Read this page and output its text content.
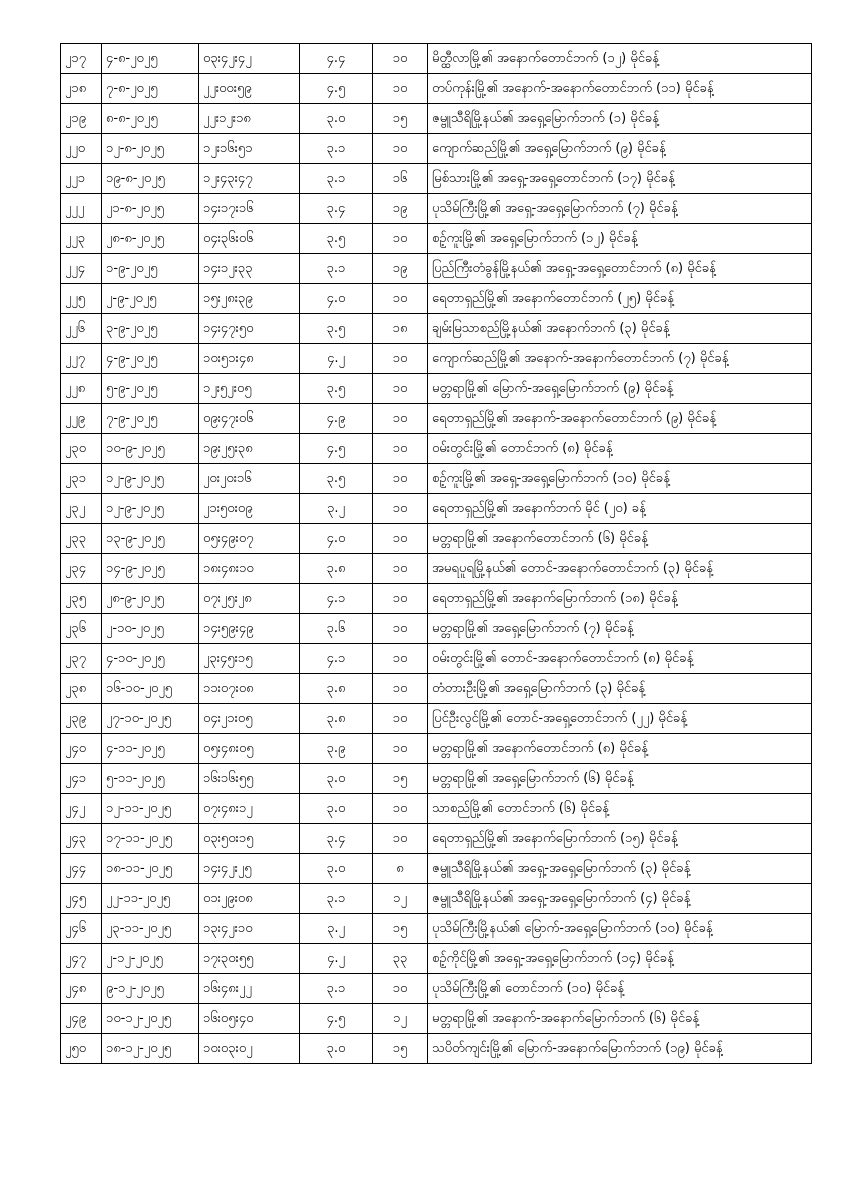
၂၁၇	၄-၈-၂၀၂၅	၀၃း၄၂း၄၂	၄.၄	၁၀	မိတ္ထီလာမြို့၏ အနောက်တောင်ဘက် (၁၂) မိုင်ခန့်
၂၁၈	၇-၈-၂၀၂၅	၂၂း၀၀း၅၉	၄.၅	၁၀	တပ်ကုန်းမြို့၏ အနောက်-အနောက်တောင်ဘက် (၁၁) မိုင်ခန့်
၂၁၉	၈-၈-၂၀၂၅	၂၂း၁၂း၁၈	၃.၀	၁၅	ဇမ္ဗူသီရိမြို့နယ်၏ အရှေ့မြောက်ဘက် (၁) မိုင်ခန့်
၂၂၀	၁၂-၈-၂၀၂၅	၁၂း၁၆း၅၁	၃.၁	၁၀	ကျောက်ဆည်မြို့၏ အရှေ့မြောက်ဘက် (၉) မိုင်ခန့်
၂၂၁	၁၉-၈-၂၀၂၅	၁၂း၄၃း၄၇	၃.၁	၁၆	မြစ်သားမြို့၏ အရှေ့-အရှေ့တောင်ဘက် (၁၇) မိုင်ခန့်
၂၂၂	၂၁-၈-၂၀၂၅	၁၄း၁၇း၁၆	၃.၄	၁၉	ပုသိမ်ကြီးမြို့၏ အရှေ့-အရှေ့မြောက်ဘက် (၇) မိုင်ခန့်
၂၂၃	၂၈-၈-၂၀၂၅	၀၄း၃၆း၀၆	၃.၅	၁၀	စဉ့်ကူးမြို့၏ အရှေ့မြောက်ဘက် (၁၂) မိုင်ခန့်
၂၂၄	၁-၉-၂၀၂၅	၁၄း၁၂း၃၃	၃.၁	၁၉	ပြည်ကြီးတံခွန်မြို့နယ်၏ အရှေ့-အရှေ့တောင်ဘက် (၈) မိုင်ခန့်
၂၂၅	၂-၉-၂၀၂၅	၁၅း၂၈း၃၉	၄.၀	၁၀	ရေတာရှည်မြို့၏ အနောက်တောင်ဘက် (၂၅) မိုင်ခန့်
၂၂၆	၃-၉-၂၀၂၅	၁၄း၄၇း၅၀	၃.၅	၁၈	ချမ်းမြသာစည်မြို့နယ်၏ အနောက်ဘက် (၃) မိုင်ခန့်
၂၂၇	၄-၉-၂၀၂၅	၁၀း၅၁း၄၈	၄.၂	၁၀	ကျောက်ဆည်မြို့၏ အနောက်-အနောက်တောင်ဘက် (၇) မိုင်ခန့်
၂၂၈	၅-၉-၂၀၂၅	၁၂း၅၂း၀၅	၃.၅	၁၀	မတ္တရာမြို့၏ မြောက်-အရှေ့မြောက်ဘက် (၉) မိုင်ခန့်
၂၂၉	၇-၉-၂၀၂၅	၀၉း၄၇း၀၆	၄.၉	၁၀	ရေတာရှည်မြို့၏ အနောက်-အနောက်တောင်ဘက် (၉) မိုင်ခန့်
၂၃၀	၁၀-၉-၂၀၂၅	၁၉း၂၅း၃၈	၄.၅	၁၀	ဝမ်းတွင်းမြို့၏ တောင်ဘက် (၈) မိုင်ခန့်
၂၃၁	၁၂-၉-၂၀၂၅	၂၀း၂၀း၁၆	၃.၅	၁၀	စဉ့်ကူးမြို့၏ အရှေ့-အရှေ့မြောက်ဘက် (၁၀) မိုင်ခန့်
၂၃၂	၁၂-၉-၂၀၂၅	၂၁း၅၀း၀၉	၃.၂	၁၀	ရေတာရှည်မြို့၏ အနောက်ဘက် မိုင် (၂၀) ခန့်
၂၃၃	၁၃-၉-၂၀၂၅	၀၅း၄၉း၀၇	၄.၀	၁၀	မတ္တရာမြို့၏ အနောက်တောင်ဘက် (၆) မိုင်ခန့်
၂၃၄	၁၄-၉-၂၀၂၅	၁၈း၄၈း၁၀	၃.၈	၁၀	အမရပူရမြို့နယ်၏ တောင်-အနောက်တောင်ဘက် (၃) မိုင်ခန့်
၂၃၅	၂၈-၉-၂၀၂၅	၀၇း၂၅း၂၈	၄.၁	၁၀	ရေတာရှည်မြို့၏ အနောက်မြောက်ဘက် (၁၈) မိုင်ခန့်
၂၃၆	၂-၁၀-၂၀၂၅	၁၄း၅၉း၄၉	၃.၆	၁၀	မတ္တရာမြို့၏ အရှေ့မြောက်ဘက် (၇) မိုင်ခန့်
၂၃၇	၄-၁၀-၂၀၂၅	၂၃း၄၅း၁၅	၄.၁	၁၀	ဝမ်းတွင်းမြို့၏ တောင်-အနောက်တောင်ဘက် (၈) မိုင်ခန့်
၂၃၈	၁၆-၁၀-၂၀၂၅	၁၁း၀၇း၀၈	၃.၈	၁၀	တံတားဦးမြို့၏ အရှေ့မြောက်ဘက် (၃) မိုင်ခန့်
၂၃၉	၂၇-၁၀-၂၀၂၅	၀၄း၂၁း၀၅	၃.၈	၁၀	ပြင်ဦးလွင်မြို့၏ တောင်-အရှေ့တောင်ဘက် (၂၂) မိုင်ခန့်
၂၄၀	၄-၁၁-၂၀၂၅	၀၅း၄၈း၀၅	၃.၉	၁၀	မတ္တရာမြို့၏ အနောက်တောင်ဘက် (၈) မိုင်ခန့်
၂၄၁	၅-၁၁-၂၀၂၅	၁၆း၁၆း၅၅	၃.၀	၁၅	မတ္တရာမြို့၏ အရှေ့မြောက်ဘက် (၆) မိုင်ခန့်
၂၄၂	၁၂-၁၁-၂၀၂၅	၀၇း၄၈း၁၂	၃.၀	၁၀	သာစည်မြို့၏ တောင်ဘက် (၆) မိုင်ခန့်
၂၄၃	၁၇-၁၁-၂၀၂၅	၀၃း၅၀း၁၅	၃.၄	၁၀	ရေတာရှည်မြို့၏ အနောက်မြောက်ဘက် (၁၅) မိုင်ခန့်
၂၄၄	၁၈-၁၁-၂၀၂၅	၁၄း၄၂း၂၅	၃.၀	၈	ဇမ္ဗူသီရိမြို့နယ်၏ အရှေ့-အရှေ့မြောက်ဘက် (၃) မိုင်ခန့်
၂၄၅	၂၂-၁၁-၂၀၂၅	၀၁း၂၉း၀၈	၃.၁	၁၂	ဇမ္ဗူသီရိမြို့နယ်၏ အရှေ့-အရှေ့မြောက်ဘက် (၄) မိုင်ခန့်
၂၄၆	၂၃-၁၁-၂၀၂၅	၁၃း၄၂း၁၀	၃.၂	၁၅	ပုသိမ်ကြီးမြို့နယ်၏ မြောက်-အရှေ့မြောက်ဘက် (၁၀) မိုင်ခန့်
၂၄၇	၂-၁၂-၂၀၂၅	၁၇း၃၀း၅၅	၄.၂	၃၃	စဉ့်ကိုင်မြို့၏ အရှေ့-အရှေ့မြောက်ဘက် (၁၄) မိုင်ခန့်
၂၄၈	၉-၁၂-၂၀၂၅	၁၆း၄၈း၂၂	၃.၁	၁၀	ပုသိမ်ကြီးမြို့၏ တောင်ဘက် (၁၀) မိုင်ခန့်
၂၄၉	၁၀-၁၂-၂၀၂၅	၁၆း၀၅း၄၀	၄.၅	၁၂	မတ္တရာမြို့၏ အနောက်-အနောက်မြောက်ဘက် (၆) မိုင်ခန့်
၂၅၀	၁၈-၁၂-၂၀၂၅	၁၀း၀၃း၀၂	၃.၀	၁၅	သပိတ်ကျင်းမြို့၏ မြောက်-အနောက်မြောက်ဘက် (၁၉) မိုင်ခန့်
